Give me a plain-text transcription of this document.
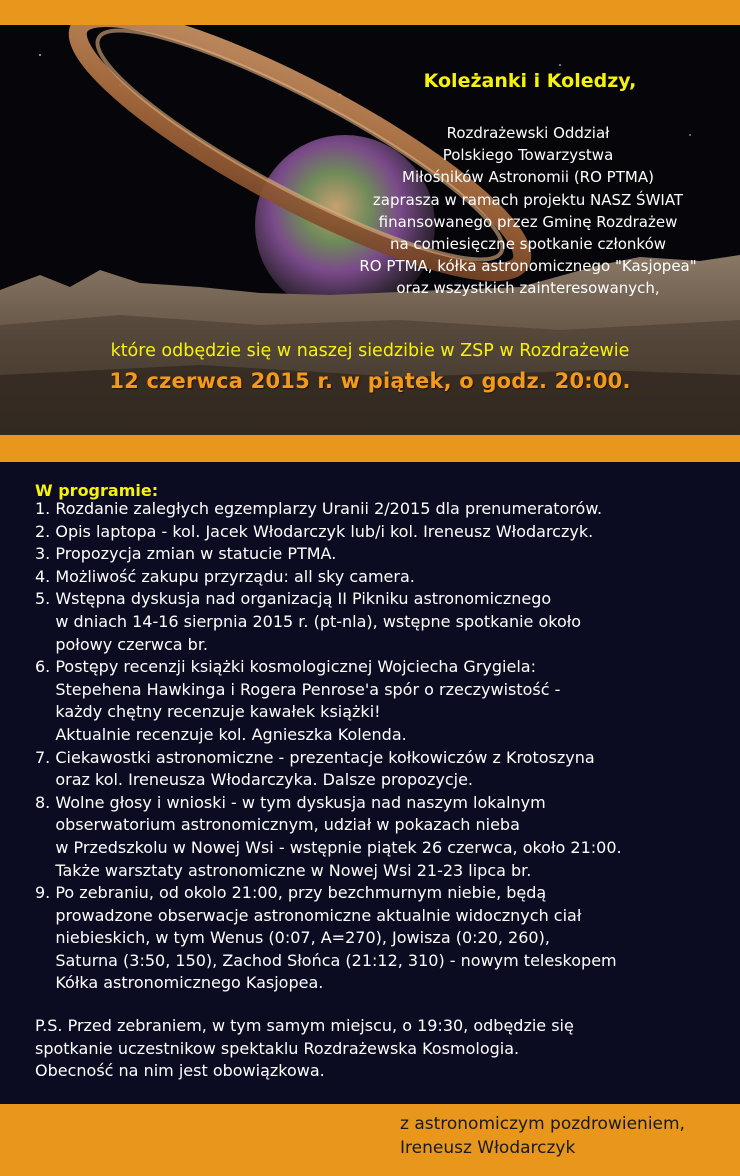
Koleżanki i Koledzy,
Rozdrażewski Oddział
Polskiego Towarzystwa
Miłośników Astronomii (RO PTMA)
zaprasza w ramach projektu NASZ ŚWIAT
finansowanego przez Gminę Rozdrażew
na comiesięczne spotkanie członków
RO PTMA, kółka astronomicznego "Kasjopea"
oraz wszystkich zainteresowanych,
które odbędzie się w naszej siedzibie w ZSP w Rozdrażewie
12 czerwca 2015 r. w piątek, o godz. 20:00.
W programie:
1. Rozdanie zaległych egzemplarzy Uranii 2/2015 dla prenumeratorów.
2. Opis laptopa - kol. Jacek Włodarczyk lub/i kol. Ireneusz Włodarczyk.
3. Propozycja zmian w statucie PTMA.
4. Możliwość zakupu przyrządu: all sky camera.
5. Wstępna dyskusja nad organizacją II Pikniku astronomicznego
w dniach 14-16 sierpnia 2015 r. (pt-nla), wstępne spotkanie około
połowy czerwca br.
6. Postępy recenzji książki kosmologicznej Wojciecha Grygiela:
Stepehena Hawkinga i Rogera Penrose'a spór o rzeczywistość -
każdy chętny recenzuje kawałek książki!
Aktualnie recenzuje kol. Agnieszka Kolenda.
7. Ciekawostki astronomiczne - prezentacje kołkowiczów z Krotoszyna
oraz kol. Ireneusza Włodarczyka. Dalsze propozycje.
8. Wolne głosy i wnioski - w tym dyskusja nad naszym lokalnym
obserwatorium astronomicznym, udział w pokazach nieba
w Przedszkolu w Nowej Wsi - wstępnie piątek 26 czerwca, około 21:00.
Także warsztaty astronomiczne w Nowej Wsi 21-23 lipca br.
9. Po zebraniu, od okolo 21:00, przy bezchmurnym niebie, będą
prowadzone obserwacje astronomiczne aktualnie widocznych ciał
niebieskich, w tym Wenus (0:07, A=270), Jowisza (0:20, 260),
Saturna (3:50, 150), Zachod Słońca (21:12, 310) - nowym teleskopem
Kółka astronomicznego Kasjopea.
P.S. Przed zebraniem, w tym samym miejscu, o 19:30, odbędzie się
spotkanie uczestnikow spektaklu Rozdrażewska Kosmologia.
Obecność na nim jest obowiązkowa.
z astronomiczym pozdrowieniem,
Ireneusz Włodarczyk
